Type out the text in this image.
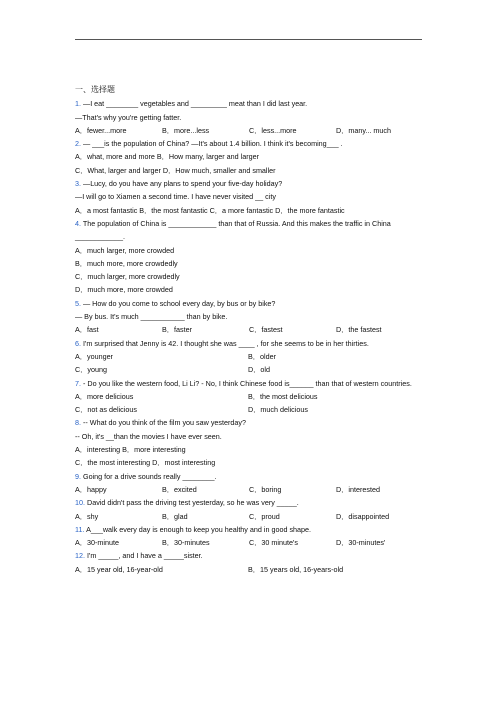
一、选择题
1. —I eat ________ vegetables and _________ meat than I did last year.
—That's why you're getting fatter.
A．fewer...more	B．more...less	C．less...more	D．many... much
2. — ___is the population of China? —It's about 1.4 billion. I think it's becoming___ .
A．what, more and more B．How many, larger and larger
C．What, larger and larger D．How much, smaller and smaller
3. —Lucy, do you have any plans to spend your five-day holiday?
—I will go to Xiamen a second time. I have never visited __ city
A．a most fantastic B．the most fantastic C．a more fantastic D．the more fantastic
4. The population of China is ____________ than that of Russia. And this makes the traffic in China ____________.
A．much larger, more crowded
B．much more, more crowdedly
C．much larger, more crowdedly
D．much more, more crowded
5. — How do you come to school every day, by bus or by bike?
— By bus. It's much ___________ than by bike.
A．fast	B．faster	C．fastest	D．the fastest
6. I'm surprised that Jenny is 42. I thought she was ____ , for she seems to be in her thirties.
A．younger	B．older
C．young	D．old
7. - Do you like the western food, Li Li? - No, I think Chinese food is______ than that of western countries.
A．more delicious	B．the most delicious
C．not as delicious	D．much delicious
8. -- What do you think of the film you saw yesterday?
-- Oh, it's __than the movies I have ever seen.
A．interesting B．more interesting
C．the most interesting D．most interesting
9. Going for a drive sounds really ________.
A．happy	B．excited	C．boring	D．interested
10. David didn't pass the driving test yesterday, so he was very _____.
A．shy	B．glad	C．proud	D．disappointed
11. A___walk every day is enough to keep you healthy and in good shape.
A．30-minute	B．30-minutes	C．30 minute's	D．30-minutes'
12. I'm _____, and I have a _____sister.
A．15 year old, 16-year-old	B．15 years old, 16-years-old
